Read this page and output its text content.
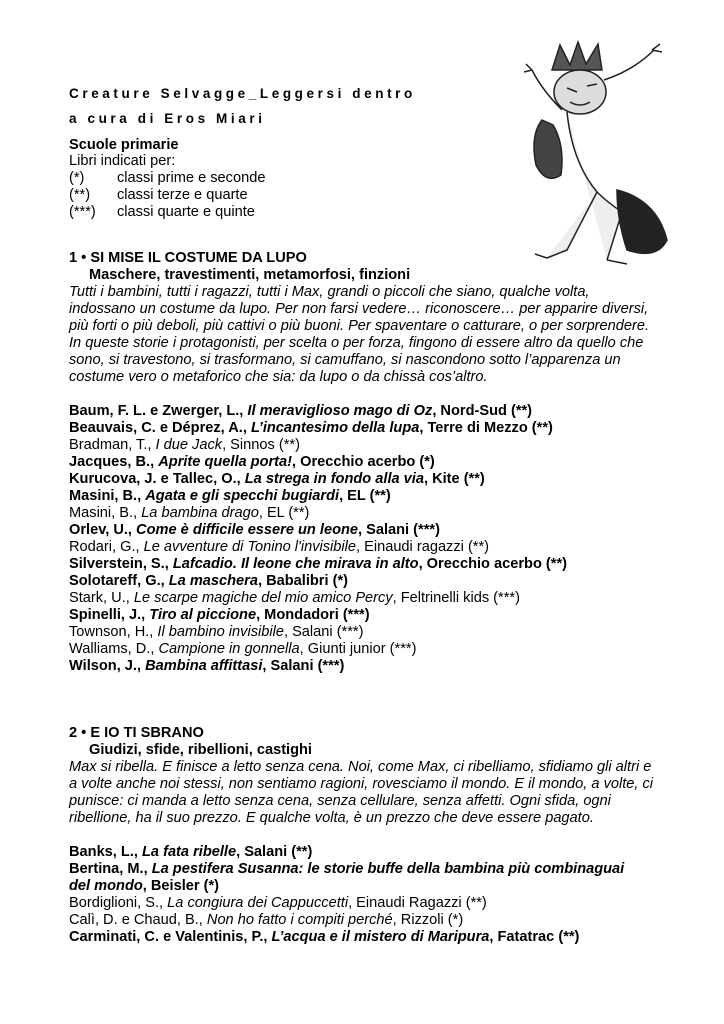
Creature Selvagge_Leggersi dentro
a cura di Eros Miari
Scuole primarie
Libri indicati per:
(*) classi prime e seconde
(**) classi terze e quarte
(***) classi quarte e quinte
1 • SI MISE IL COSTUME DA LUPO
Maschere, travestimenti, metamorfosi, finzioni
Tutti i bambini, tutti i ragazzi, tutti i Max, grandi o piccoli che siano, qualche volta, indossano un costume da lupo. Per non farsi vedere… riconoscere… per apparire diversi, più forti o più deboli, più cattivi o più buoni. Per spaventare o catturare, o per sorprendere. In queste storie i protagonisti, per scelta o per forza, fingono di essere altro da quello che sono, si travestono, si trasformano, si camuffano, si nascondono sotto l’apparenza un costume vero o metaforico che sia: da lupo o da chissà cos’altro.
Baum, F. L. e Zwerger, L., Il meraviglioso mago di Oz, Nord-Sud (**)
Beauvais, C. e Déprez, A., L’incantesimo della lupa, Terre di Mezzo (**)
Bradman, T., I due Jack, Sinnos (**)
Jacques, B., Aprite quella porta!, Orecchio acerbo (*)
Kurucova, J. e Tallec, O., La strega in fondo alla via, Kite (**)
Masini, B., Agata e gli specchi bugiardi, EL (**)
Masini, B., La bambina drago, EL (**)
Orlev, U., Come è difficile essere un leone, Salani (***)
Rodari, G., Le avventure di Tonino l'invisibile, Einaudi ragazzi (**)
Silverstein, S., Lafcadio. Il leone che mirava in alto, Orecchio acerbo (**)
Solotareff, G., La maschera, Babalibri (*)
Stark, U., Le scarpe magiche del mio amico Percy, Feltrinelli kids (***)
Spinelli, J., Tiro al piccione, Mondadori (***)
Townson, H., Il bambino invisibile, Salani (***)
Walliams, D., Campione in gonnella, Giunti junior (***)
Wilson, J., Bambina affittasi, Salani (***)
2 • E IO TI SBRANO
Giudizi, sfide, ribellioni, castighi
Max si ribella. E finisce a letto senza cena. Noi, come Max, ci ribelliamo, sfidiamo gli altri e a volte anche noi stessi, non sentiamo ragioni, rovesciamo il mondo. E il mondo, a volte, ci punisce: ci manda a letto senza cena, senza cellulare, senza affetti. Ogni sfida, ogni ribellione, ha il suo prezzo. E qualche volta, è un prezzo che deve essere pagato.
Banks, L., La fata ribelle, Salani (**)
Bertina, M., La pestifera Susanna: le storie buffe della bambina più combinaguai del mondo, Beisler (*)
Bordiglioni, S., La congiura dei Cappuccetti, Einaudi Ragazzi (**)
Calì, D. e Chaud, B., Non ho fatto i compiti perché, Rizzoli (*)
Carminati, C. e Valentinis, P., L’acqua e il mistero di Maripura, Fatatrac (**)
